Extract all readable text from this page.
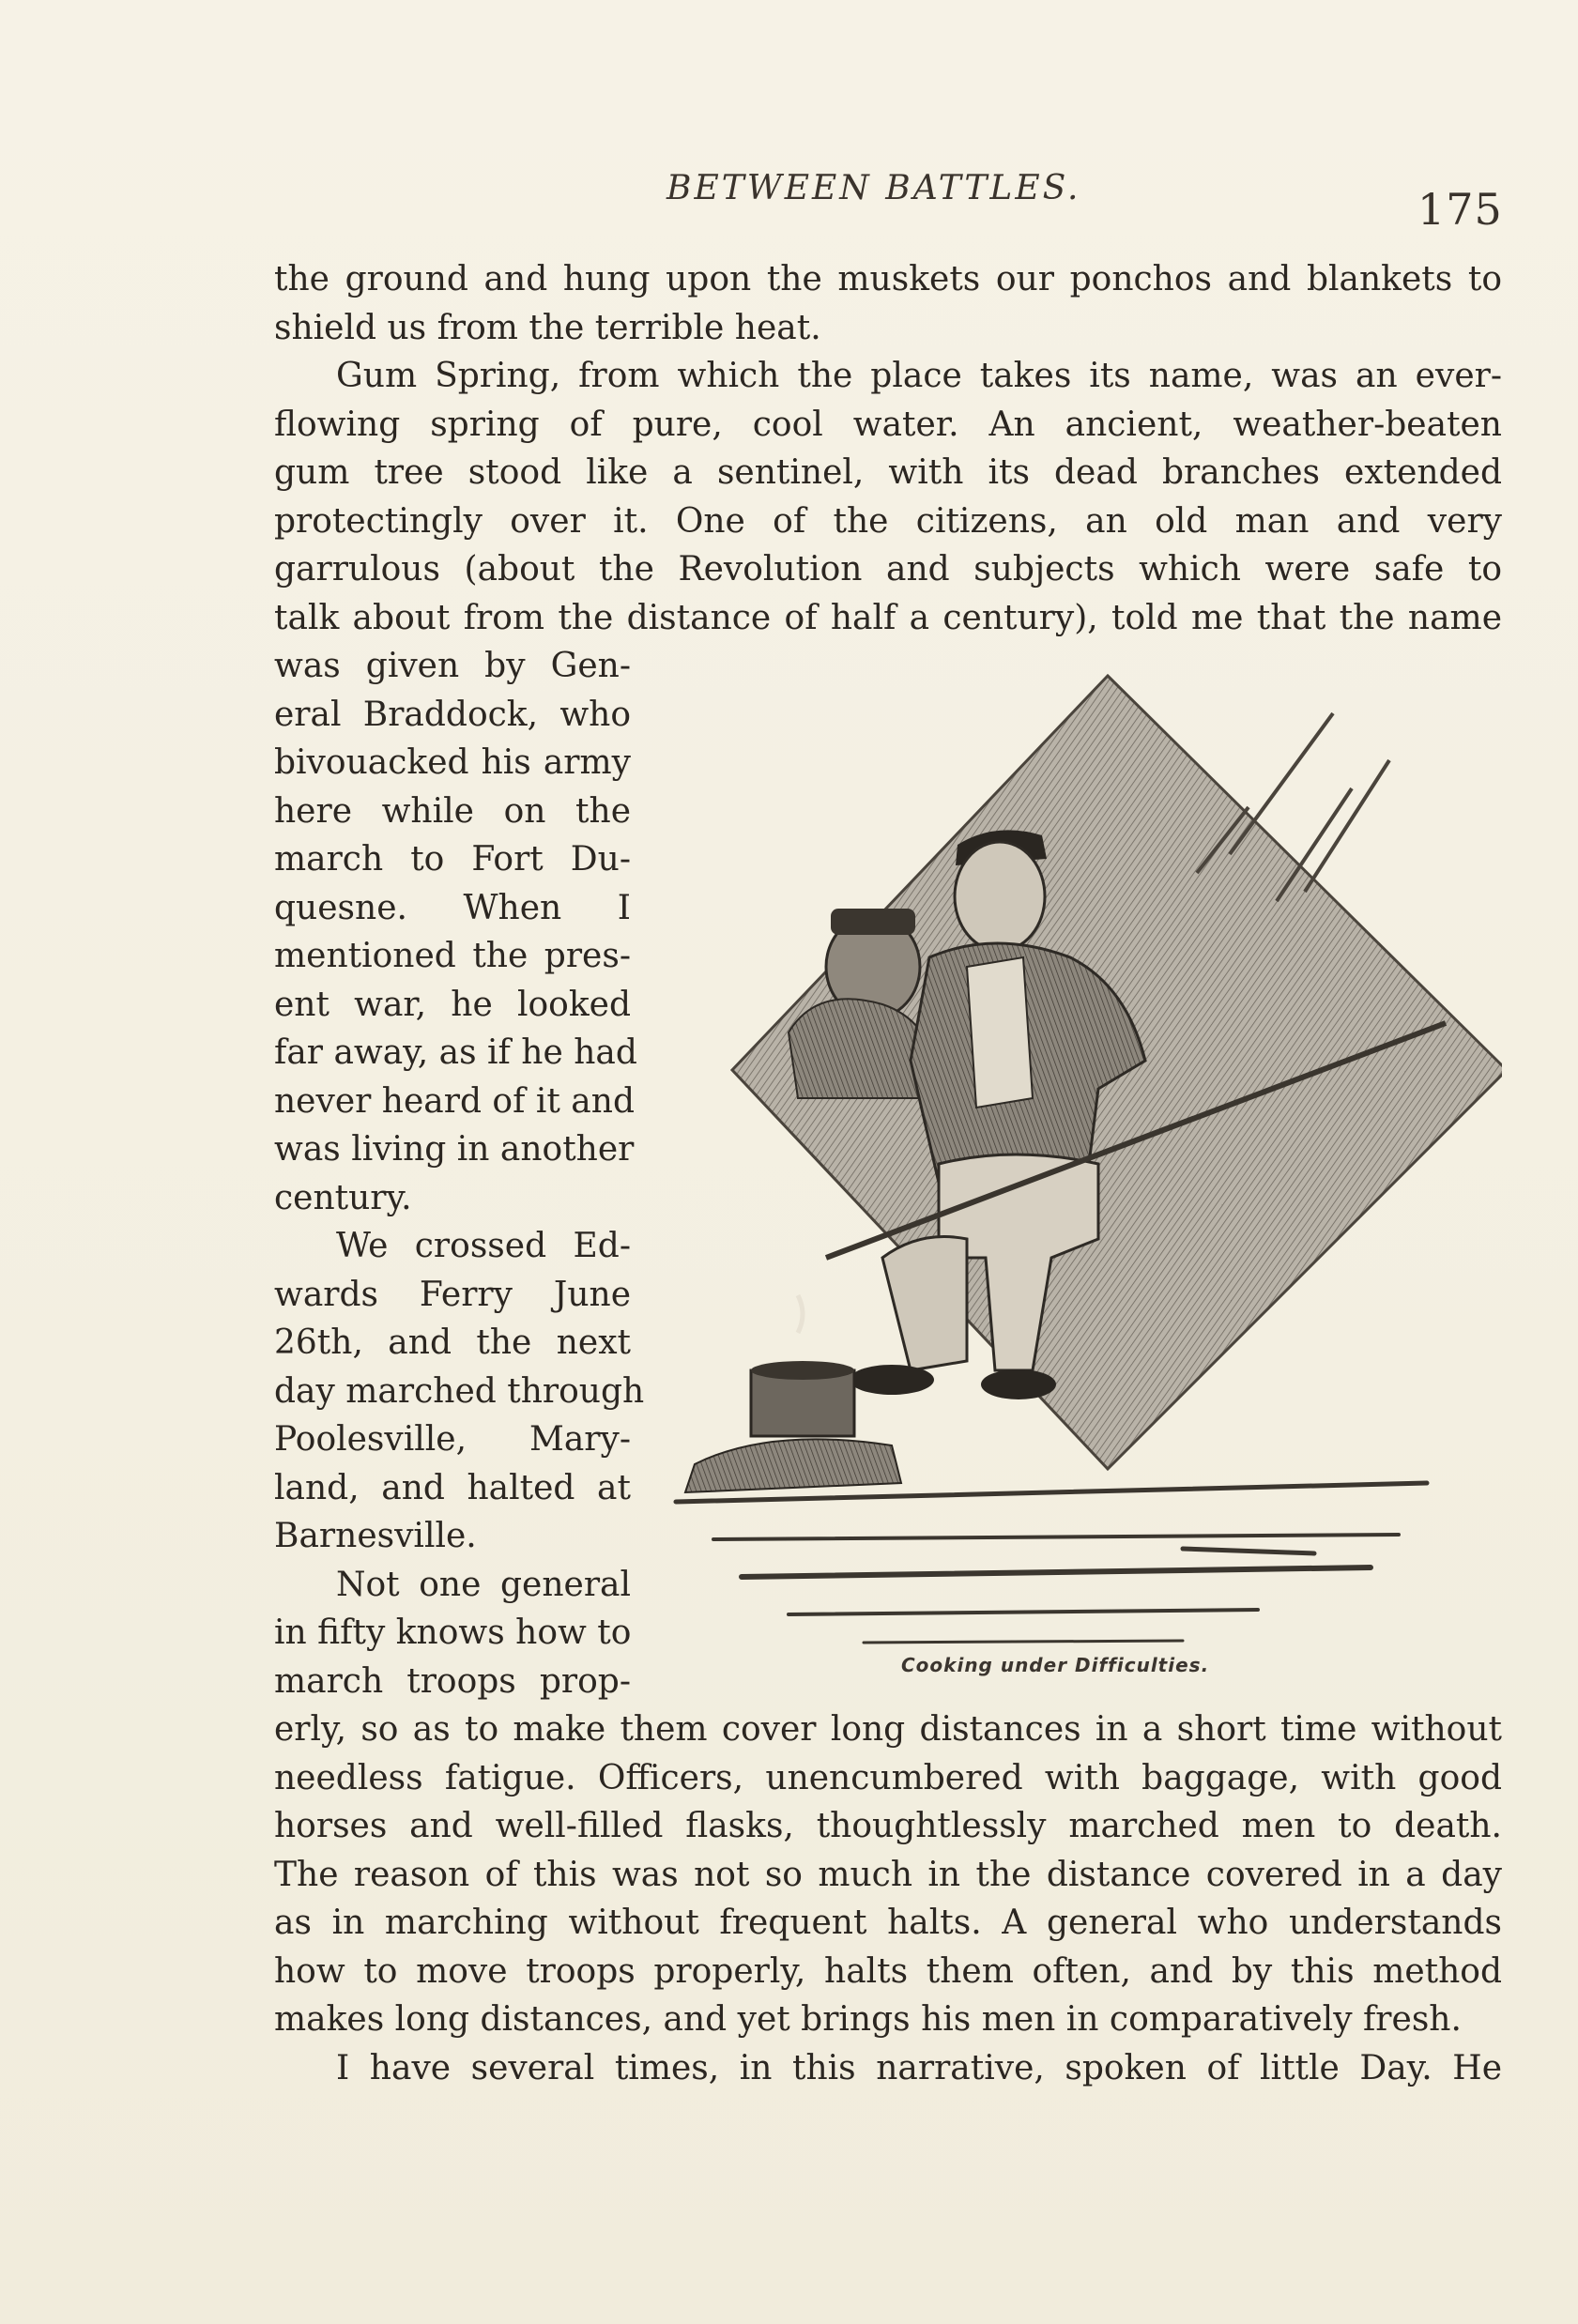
BETWEEN BATTLES.	175
the ground and hung upon the muskets our ponchos and blankets to
shield us from the terrible heat.
Gum Spring, from which the place takes its name, was an ever-
flowing spring of pure, cool water. An ancient, weather-beaten
gum tree stood like a sentinel, with its dead branches extended
protectingly over it. One of the citizens, an old man and very
garrulous (about the Revolution and subjects which were safe to
talk about from the distance of half a century), told me that the name
was given by Gen-
eral Braddock, who
bivouacked his army
here while on the
march to Fort Du-
quesne. When I
mentioned the pres-
ent war, he looked
far away, as if he had
never heard of it and
was living in another
century.
We crossed Ed-
wards Ferry June
26th, and the next
day marched through
Poolesville, Mary-
land, and halted at
Barnesville.
Not one general
in fifty knows how to
march troops prop-
erly, so as to make them cover long distances in a short time without
needless fatigue. Officers, unencumbered with baggage, with good
horses and well-filled flasks, thoughtlessly marched men to death.
The reason of this was not so much in the distance covered in a day
as in marching without frequent halts. A general who understands
how to move troops properly, halts them often, and by this method
makes long distances, and yet brings his men in comparatively fresh.
I have several times, in this narrative, spoken of little Day. He
Cooking under Difficulties.
